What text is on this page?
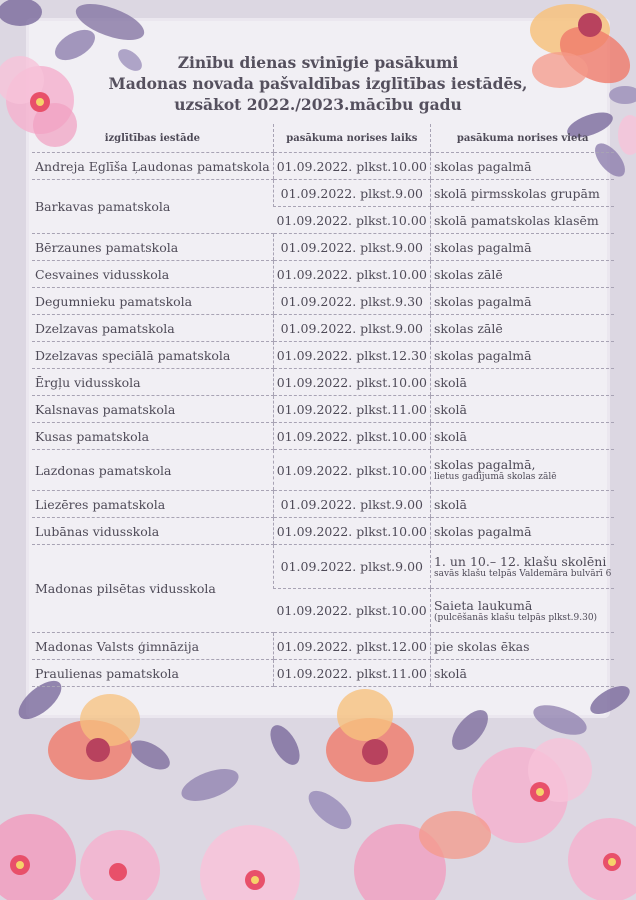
Zinību dienas svinīgie pasākumi
Madonas novada pašvaldības izglītības iestādēs,
uzsākot 2022./2023.mācību gadu
izglītības iestāde	pasākuma norises laiks	pasākuma norises vieta
Andreja Eglīša Ļaudonas pamatskola	01.09.2022. plkst.10.00	skolas pagalmā
Barkavas pamatskola	01.09.2022. plkst.9.00	skolā pirmsskolas grupām
	01.09.2022. plkst.10.00	skolā pamatskolas klasēm
Bērzaunes pamatskola	01.09.2022. plkst.9.00	skolas pagalmā
Cesvaines vidusskola	01.09.2022. plkst.10.00	skolas zālē
Degumnieku pamatskola	01.09.2022. plkst.9.30	skolas pagalmā
Dzelzavas pamatskola	01.09.2022. plkst.9.00	skolas zālē
Dzelzavas speciālā pamatskola	01.09.2022. plkst.12.30	skolas pagalmā
Ērgļu vidusskola	01.09.2022. plkst.10.00	skolā
Kalsnavas pamatskola	01.09.2022. plkst.11.00	skolā
Kusas pamatskola	01.09.2022. plkst.10.00	skolā
Lazdonas pamatskola	01.09.2022. plkst.10.00	skolas pagalmā,
lietus gadījumā skolas zālē

Liezēres pamatskola	01.09.2022. plkst.9.00	skolā
Lubānas vidusskola	01.09.2022. plkst.10.00	skolas pagalmā
Madonas pilsētas vidusskola	01.09.2022. plkst.9.00	1. un 10.– 12. klašu skolēni
savās klašu telpās Valdemāra bulvārī 6

	01.09.2022. plkst.10.00	Saieta laukumā
(pulcēšanās klašu telpās plkst.9.30)

Madonas Valsts ģimnāzija	01.09.2022. plkst.12.00	pie skolas ēkas
Praulienas pamatskola	01.09.2022. plkst.11.00	skolā
